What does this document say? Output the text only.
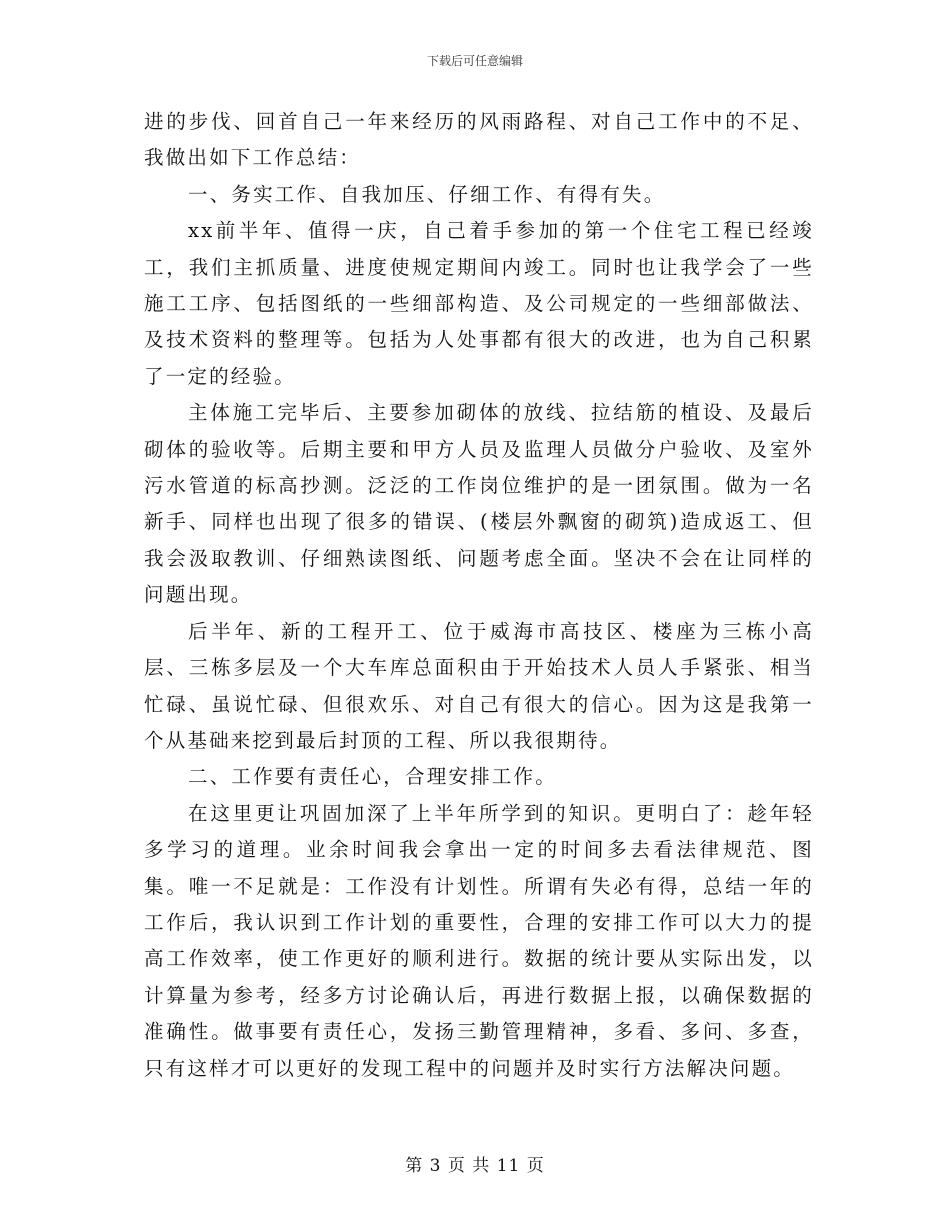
下载后可任意编辑

进的步伐、回首自己一年来经历的风雨路程、对自己工作中的不足、我做出如下工作总结：

一、务实工作、自我加压、仔细工作、有得有失。

xx前半年、值得一庆，自己着手参加的第一个住宅工程已经竣工，我们主抓质量、进度使规定期间内竣工。同时也让我学会了一些施工工序、包括图纸的一些细部构造、及公司规定的一些细部做法、及技术资料的整理等。包括为人处事都有很大的改进，也为自己积累了一定的经验。

主体施工完毕后、主要参加砌体的放线、拉结筋的植设、及最后砌体的验收等。后期主要和甲方人员及监理人员做分户验收、及室外污水管道的标高抄测。泛泛的工作岗位维护的是一团氛围。做为一名新手、同样也出现了很多的错误、(楼层外飘窗的砌筑)造成返工、但我会汲取教训、仔细熟读图纸、问题考虑全面。坚决不会在让同样的问题出现。

后半年、新的工程开工、位于威海市高技区、楼座为三栋小高层、三栋多层及一个大车库总面积由于开始技术人员人手紧张、相当忙碌、虽说忙碌、但很欢乐、对自己有很大的信心。因为这是我第一个从基础来挖到最后封顶的工程、所以我很期待。

二、工作要有责任心，合理安排工作。

在这里更让巩固加深了上半年所学到的知识。更明白了：趁年轻多学习的道理。业余时间我会拿出一定的时间多去看法律规范、图集。唯一不足就是：工作没有计划性。所谓有失必有得，总结一年的工作后，我认识到工作计划的重要性，合理的安排工作可以大力的提高工作效率，使工作更好的顺利进行。数据的统计要从实际出发，以计算量为参考，经多方讨论确认后，再进行数据上报，以确保数据的准确性。做事要有责任心，发扬三勤管理精神，多看、多问、多查，只有这样才可以更好的发现工程中的问题并及时实行方法解决问题。

第 3 页 共 11 页
